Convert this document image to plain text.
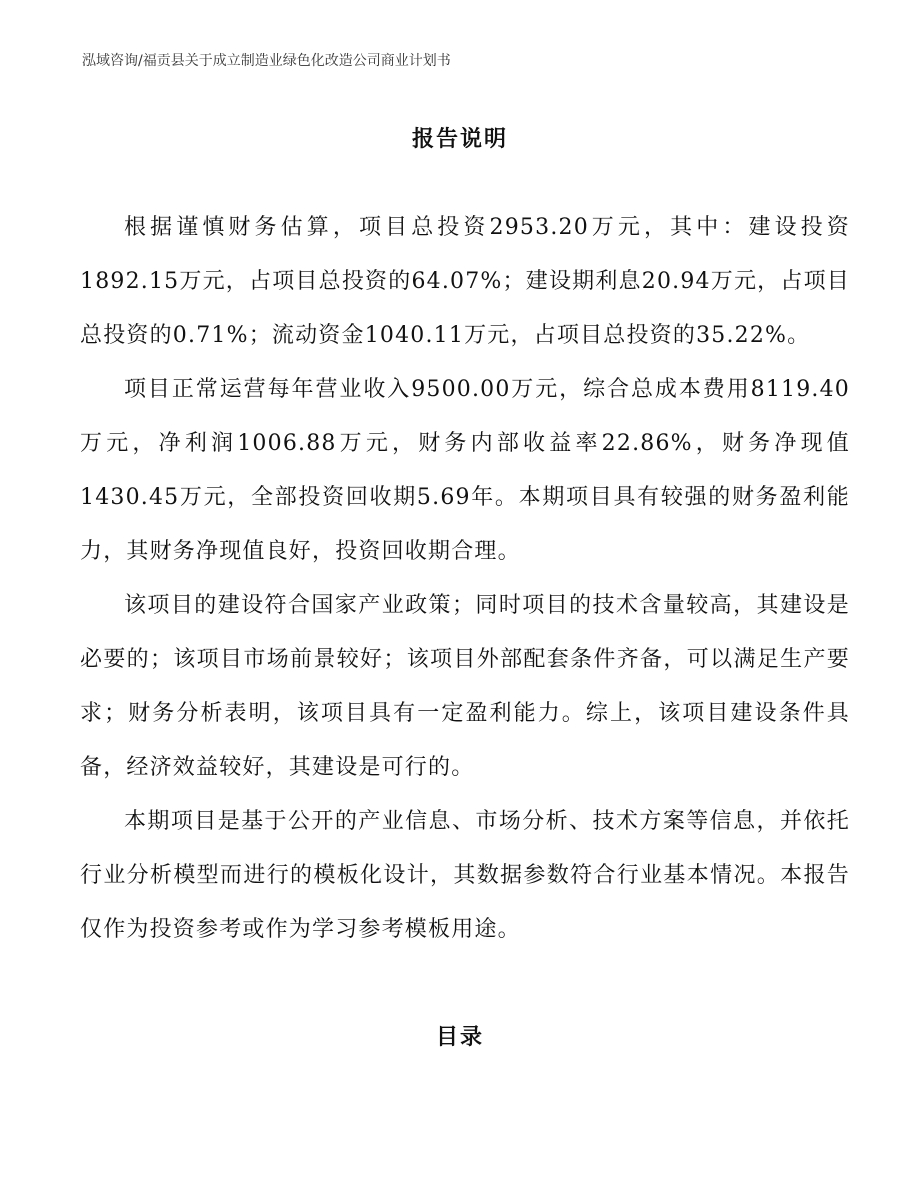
泓域咨询/福贡县关于成立制造业绿色化改造公司商业计划书
报告说明

根据谨慎财务估算，项目总投资2953.20万元，其中：建设投资1892.15万元，占项目总投资的64.07%；建设期利息20.94万元，占项目总投资的0.71%；流动资金1040.11万元，占项目总投资的35.22%。

项目正常运营每年营业收入9500.00万元，综合总成本费用8119.40万元，净利润1006.88万元，财务内部收益率22.86%，财务净现值1430.45万元，全部投资回收期5.69年。本期项目具有较强的财务盈利能力，其财务净现值良好，投资回收期合理。

该项目的建设符合国家产业政策；同时项目的技术含量较高，其建设是必要的；该项目市场前景较好；该项目外部配套条件齐备，可以满足生产要求；财务分析表明，该项目具有一定盈利能力。综上，该项目建设条件具备，经济效益较好，其建设是可行的。

本期项目是基于公开的产业信息、市场分析、技术方案等信息，并依托行业分析模型而进行的模板化设计，其数据参数符合行业基本情况。本报告仅作为投资参考或作为学习参考模板用途。

目录
